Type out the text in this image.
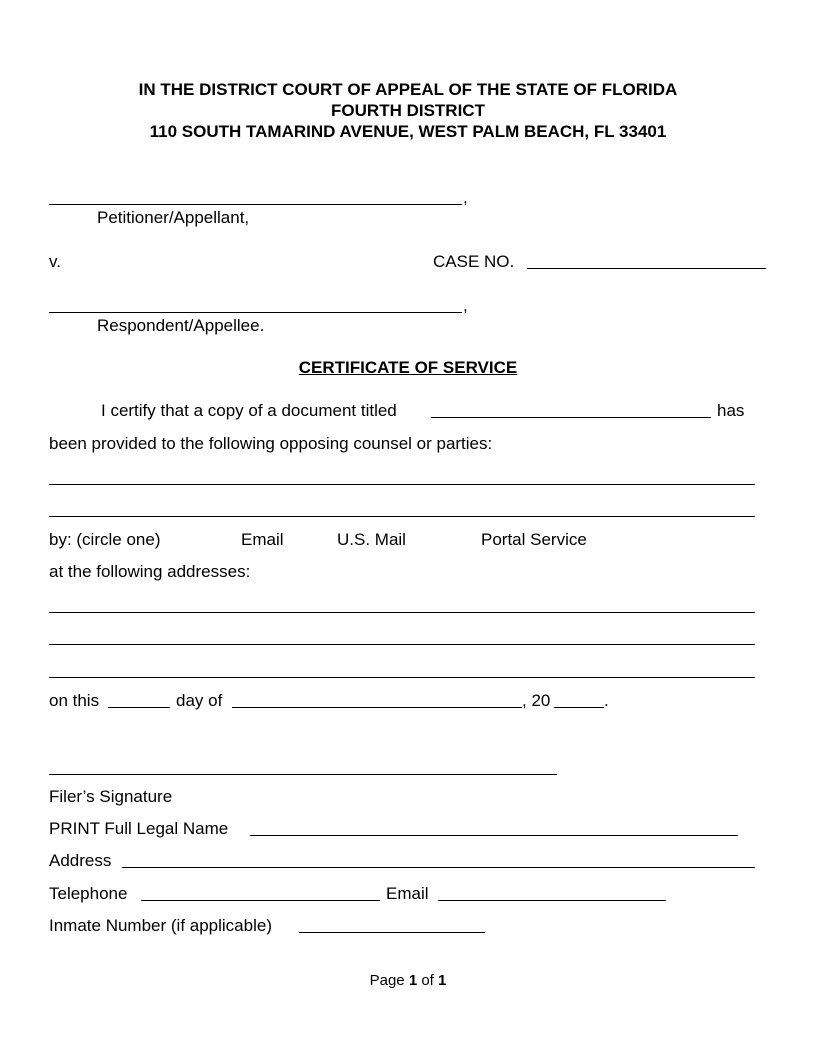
IN THE DISTRICT COURT OF APPEAL OF THE STATE OF FLORIDA
FOURTH DISTRICT
110 SOUTH TAMARIND AVENUE, WEST PALM BEACH, FL 33401
,
Petitioner/Appellant,
v.	CASE NO.
,
Respondent/Appellee.
CERTIFICATE OF SERVICE
I certify that a copy of a document titled	has
been provided to the following opposing counsel or parties:
by: (circle one)	Email	U.S. Mail	Portal Service
at the following addresses:
on this	day of	, 20	.
Filer’s Signature
PRINT Full Legal Name
Address
Telephone	Email
Inmate Number (if applicable)
Page 1 of 1
